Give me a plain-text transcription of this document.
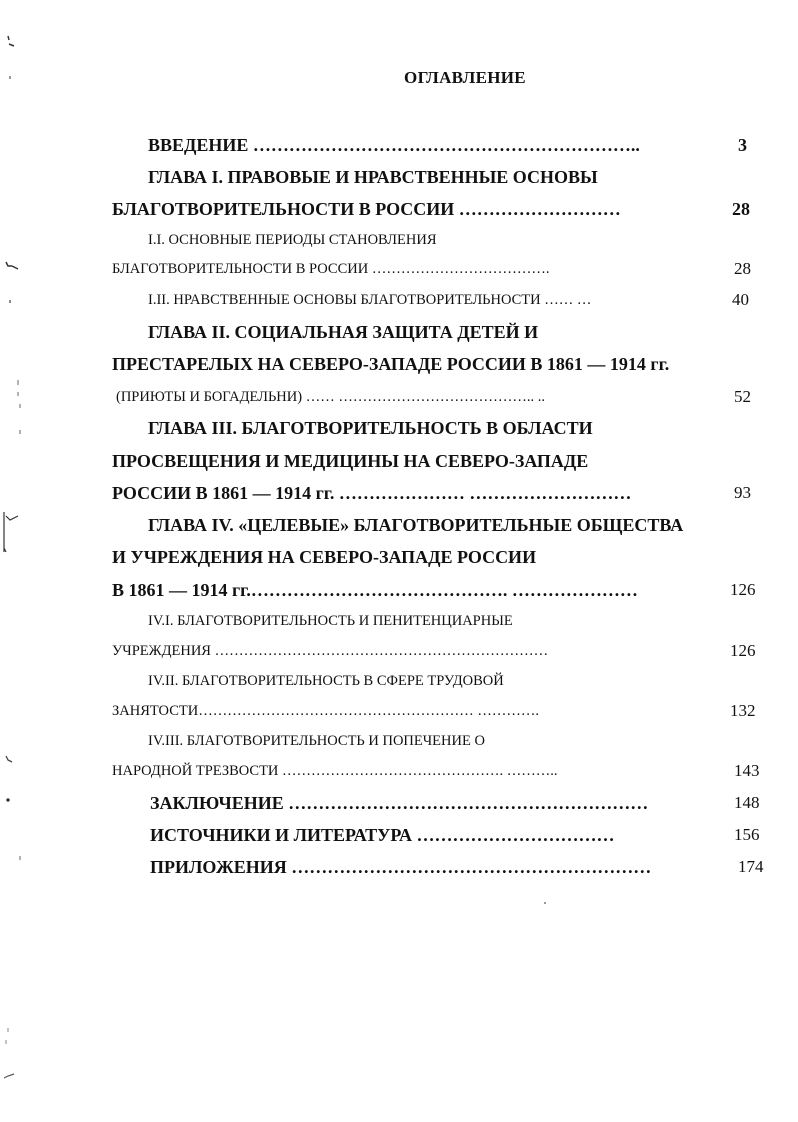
ОГЛАВЛЕНИЕ
ВВЕДЕНИЕ ………………………………………………………..	3
ГЛАВА I. ПРАВОВЫЕ И НРАВСТВЕННЫЕ ОСНОВЫ
БЛАГОТВОРИТЕЛЬНОСТИ В РОССИИ ………………………	28
I.I. ОСНОВНЫЕ ПЕРИОДЫ СТАНОВЛЕНИЯ
БЛАГОТВОРИТЕЛЬНОСТИ В РОССИИ ……………………………….	28
I.II. НРАВСТВЕННЫЕ ОСНОВЫ БЛАГОТВОРИТЕЛЬНОСТИ …… …	40
ГЛАВА II. СОЦИАЛЬНАЯ ЗАЩИТА ДЕТЕЙ И
ПРЕСТАРЕЛЫХ НА СЕВЕРО-ЗАПАДЕ РОССИИ В 1861 — 1914 гг.
(ПРИЮТЫ И БОГАДЕЛЬНИ) …… ………………………………….. ..	52
ГЛАВА III. БЛАГОТВОРИТЕЛЬНОСТЬ В ОБЛАСТИ
ПРОСВЕЩЕНИЯ И МЕДИЦИНЫ НА СЕВЕРО-ЗАПАДЕ
РОССИИ В 1861 — 1914 гг. ………………… ………………………	93
ГЛАВА IV. «ЦЕЛЕВЫЕ» БЛАГОТВОРИТЕЛЬНЫЕ ОБЩЕСТВА
И УЧРЕЖДЕНИЯ НА СЕВЕРО-ЗАПАДЕ РОССИИ
В 1861 — 1914 гг.……………………………………. …………………	126
IV.I. БЛАГОТВОРИТЕЛЬНОСТЬ И ПЕНИТЕНЦИАРНЫЕ
УЧРЕЖДЕНИЯ ……………………………………………………………	126
IV.II. БЛАГОТВОРИТЕЛЬНОСТЬ В СФЕРЕ ТРУДОВОЙ
ЗАНЯТОСТИ………………………………………………… ………….	132
IV.III. БЛАГОТВОРИТЕЛЬНОСТЬ И ПОПЕЧЕНИЕ О
НАРОДНОЙ ТРЕЗВОСТИ ………………………………………. ………..	143
ЗАКЛЮЧЕНИЕ ……………………………………………………	148
ИСТОЧНИКИ И ЛИТЕРАТУРА ……………………………	156
ПРИЛОЖЕНИЯ ……………………………………………………	174
